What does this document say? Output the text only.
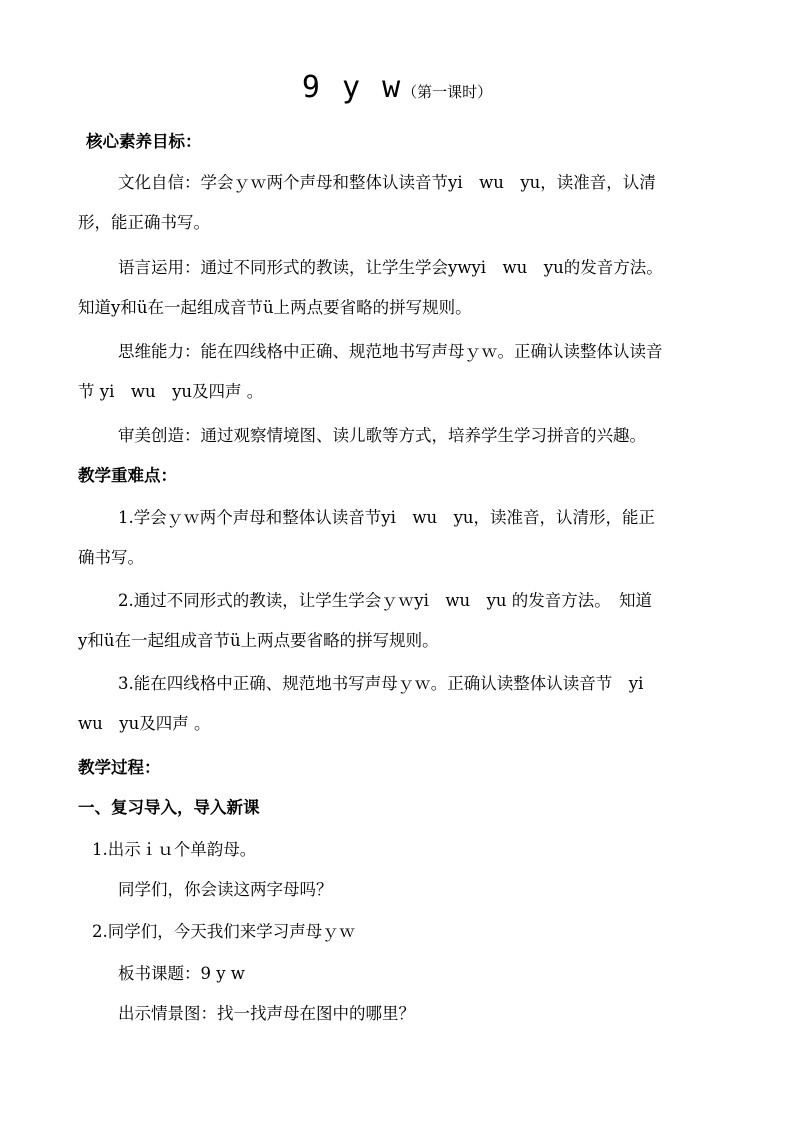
9 y w（第一课时）
核心素养目标：
文化自信：学会ｙｗ两个声母和整体认读音节yi　wu　yu，读准音，认清
形，能正确书写。
语言运用：通过不同形式的教读，让学生学会ywyi　wu　yu的发音方法。
知道y和ü在一起组成音节ü上两点要省略的拼写规则。
思维能力：能在四线格中正确、规范地书写声母ｙｗ。正确认读整体认读音
节 yi　wu　yu及四声 。
审美创造：通过观察情境图、读儿歌等方式，培养学生学习拼音的兴趣。
教学重难点：
1.学会ｙｗ两个声母和整体认读音节yi　wu　yu，读准音，认清形，能正
确书写。
2.通过不同形式的教读，让学生学会ｙｗyi　wu　yu 的发音方法。　知道
y和ü在一起组成音节ü上两点要省略的拼写规则。
3.能在四线格中正确、规范地书写声母ｙｗ。正确认读整体认读音节　yi
wu　yu及四声 。
教学过程：
一、复习导入，导入新课
1.出示ｉｕ个单韵母。
同学们，你会读这两字母吗？
2.同学们，今天我们来学习声母ｙｗ
板书课题：9 y w
出示情景图：找一找声母在图中的哪里？
